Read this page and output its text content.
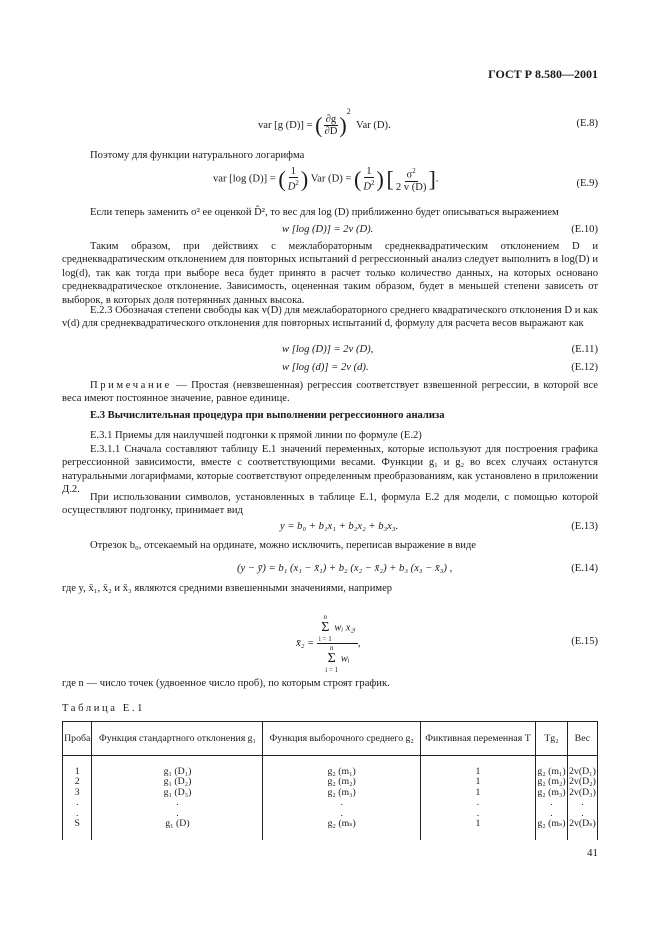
ГОСТ Р 8.580—2001
var [g (D)] = ( $\frac{\partial g}{\partial D} )^2$  Var (D).	(E.8)
Поэтому для функции натурального логарифма
var [log (D)] = ( $\frac{1}{D^2}$ ) Var (D) = ( $\frac{1}{D^2}$ ) [ $\frac{\sigma^2}{2 v (D)}$ ].	(E.9)
Если теперь заменить σ² ее оценкой D̂², то вес для log (D) приближенно будет описываться выражением
w [log (D)] = 2v (D).	(E.10)
Таким образом, при действиях с межлабораторным среднеквадратическим отклонением D и среднеквадратическим отклонением для повторных испытаний d регрессионный анализ следует выполнить в log(D) и log(d), так как тогда при выборе веса будет принято в расчет только количество данных, на которых основано среднеквадратическое отклонение. Зависимость, оцененная таким образом, будет в меньшей степени зависеть от выборок, в которых доля потерянных данных высока.
E.2.3 Обозначая степени свободы как v(D) для межлабораторного среднего квадратического отклонения D и как v(d) для среднеквадратического отклонения для повторных испытаний d, формулу для расчета весов выражают как
w [log (D)] = 2v (D),	(E.11)
w [log (d)] = 2v (d).	(E.12)
Примечание — Простая (невзвешенная) регрессия соответствует взвешенной регрессии, в которой все веса имеют постоянное значение, равное единице.
E.3 Вычислительная процедура при выполнении регрессионного анализа
E.3.1 Приемы для наилучшей подгонки к прямой линии по формуле (E.2)
E.3.1.1 Сначала составляют таблицу E.1 значений переменных, которые используют для построения графика регрессионной зависимости, вместе с соответствующими весами. Функции g₁ и g₂ во всех случаях останутся натуральными логарифмами, которые соответствуют определенным преобразованиям, как установлено в приложении Д.2.
При использовании символов, установленных в таблице E.1, формула E.2 для модели, с помощью которой осуществляют подгонку, принимает вид
y = b₀ + b₁x₁ + b₂x₂ + b₃x₃.	(E.13)
Отрезок b₀, отсекаемый на ординате, можно исключить, переписав выражение в виде
(y − ȳ) = b₁ (x₁ − x̄₁) + b₂ (x₂ − x̄₂) + b₃ (x₃ − x̄₃) ,	(E.14)
где y, x̄₁, x̄₂ и x̄₃ являются средними взвешенными значениями, например
x̄₂ = n
Σ
i = 1
wᵢ x₂ᵢ
n
Σ
i = 1
wᵢ ,	(E.15)
где n — число точек (удвоенное число проб), по которым строят график.
Таблица E.1
Проба	Функция стандартного отклонения g₁	Функция выборочного среднего g₂	Фиктивная переменная T	Tg₂	Вес

1	g₁ (D₁)	g₂ (m₁)	1	g₂ (m₁)	2v(D₁)
2	g₁ (D₂)	g₂ (m₂)	1	g₂ (m₂)	2v(D₂)
3	g₁ (D₃)	g₂ (m₃)	1	g₂ (m₃)	2v(D₃)
.	.	.	.	.	.
.	.	.	.	.	.
S	g₁ (D)	g₂ (mₛ)	1	g₂ (mₛ)	2v(Dₛ)

41
